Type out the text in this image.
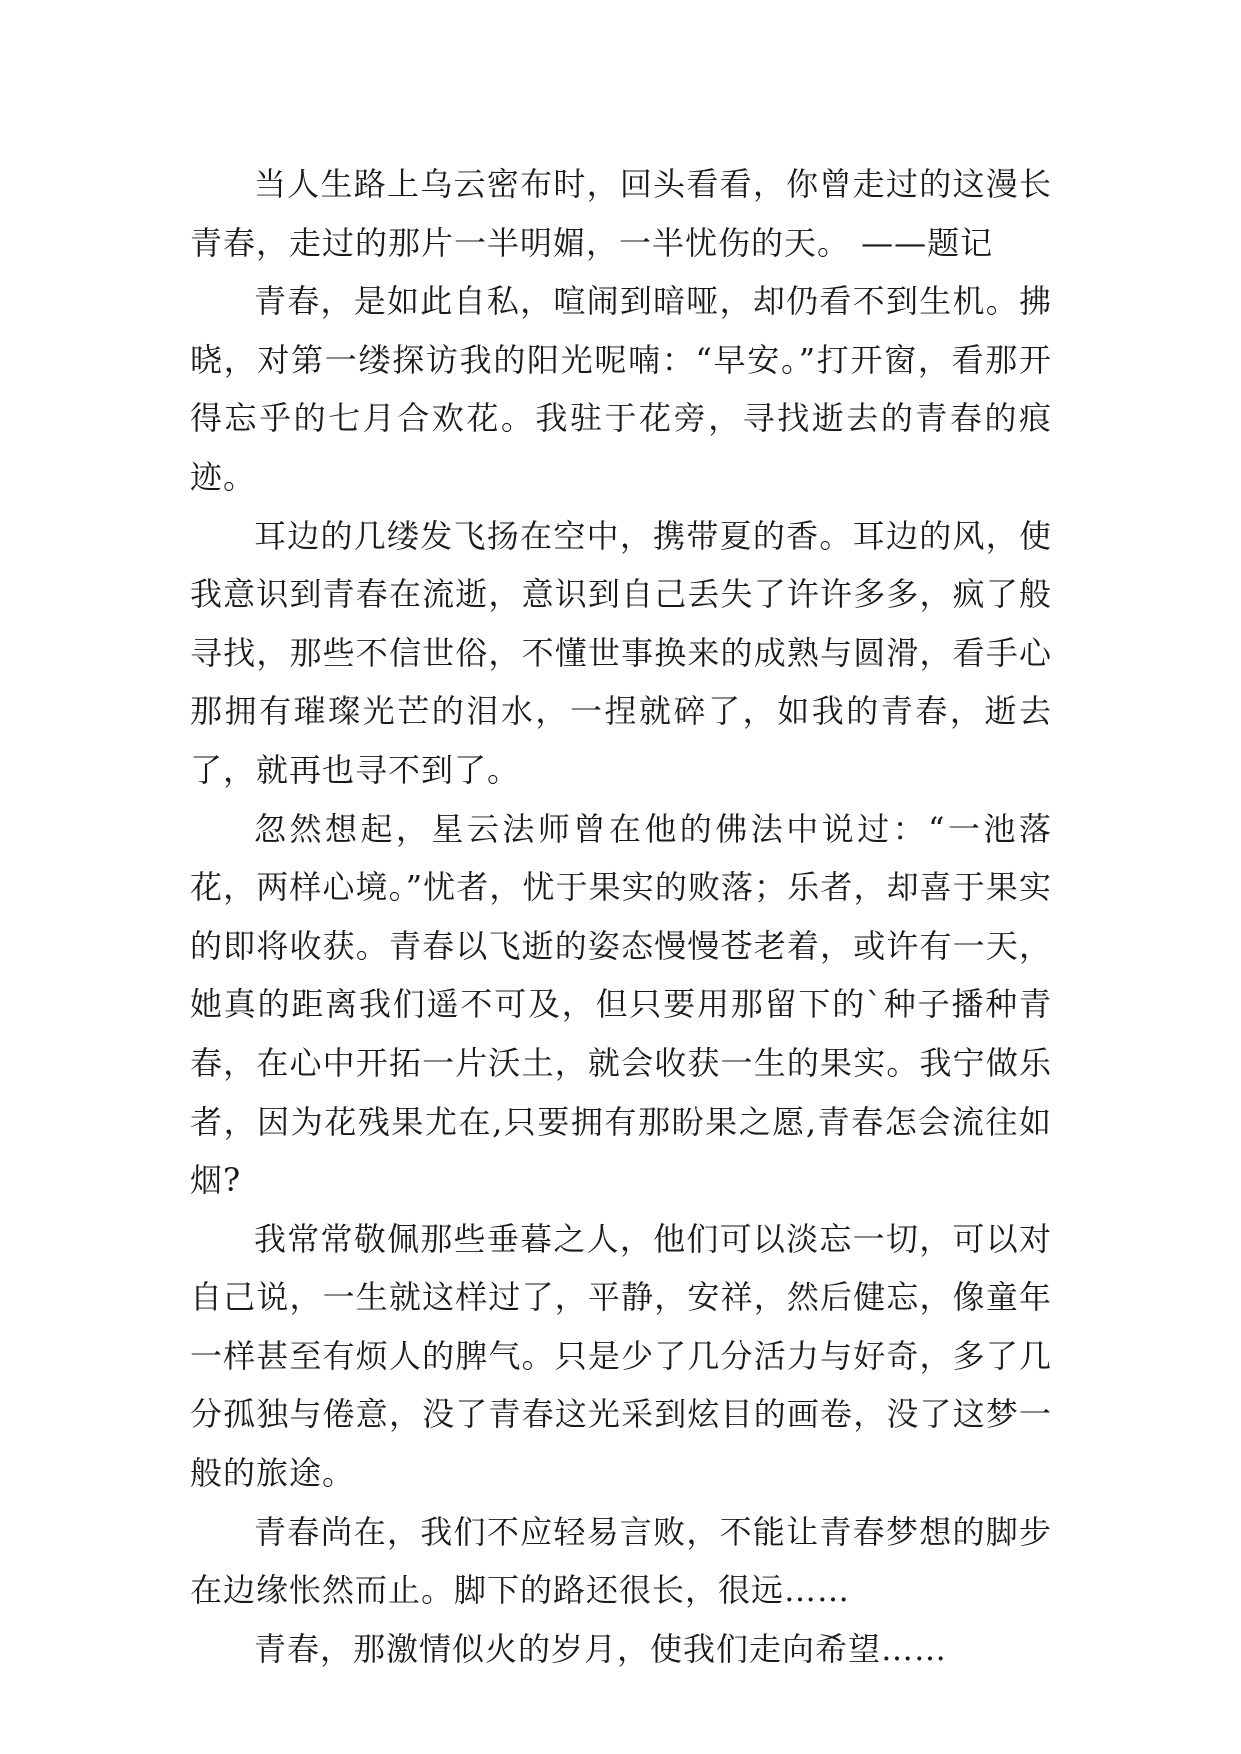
当人生路上乌云密布时，回头看看，你曾走过的这漫长青春，走过的那片一半明媚，一半忧伤的天。 ——题记

青春，是如此自私，喧闹到暗哑，却仍看不到生机。拂晓，对第一缕探访我的阳光呢喃：“早安。”打开窗，看那开得忘乎的七月合欢花。我驻于花旁，寻找逝去的青春的痕迹。

耳边的几缕发飞扬在空中，携带夏的香。耳边的风，使我意识到青春在流逝，意识到自己丢失了许许多多，疯了般寻找，那些不信世俗，不懂世事换来的成熟与圆滑，看手心那拥有璀璨光芒的泪水，一捏就碎了，如我的青春，逝去了，就再也寻不到了。

忽然想起，星云法师曾在他的佛法中说过：“一池落花，两样心境。”忧者，忧于果实的败落；乐者，却喜于果实的即将收获。青春以飞逝的姿态慢慢苍老着，或许有一天，她真的距离我们遥不可及，但只要用那留下的`种子播种青春，在心中开拓一片沃土，就会收获一生的果实。我宁做乐者，因为花残果尤在,只要拥有那盼果之愿,青春怎会流往如烟?

我常常敬佩那些垂暮之人，他们可以淡忘一切，可以对自己说，一生就这样过了，平静，安祥，然后健忘，像童年一样甚至有烦人的脾气。只是少了几分活力与好奇，多了几分孤独与倦意，没了青春这光采到炫目的画卷，没了这梦一般的旅途。

青春尚在，我们不应轻易言败，不能让青春梦想的脚步在边缘怅然而止。脚下的路还很长，很远……

青春，那激情似火的岁月，使我们走向希望……
